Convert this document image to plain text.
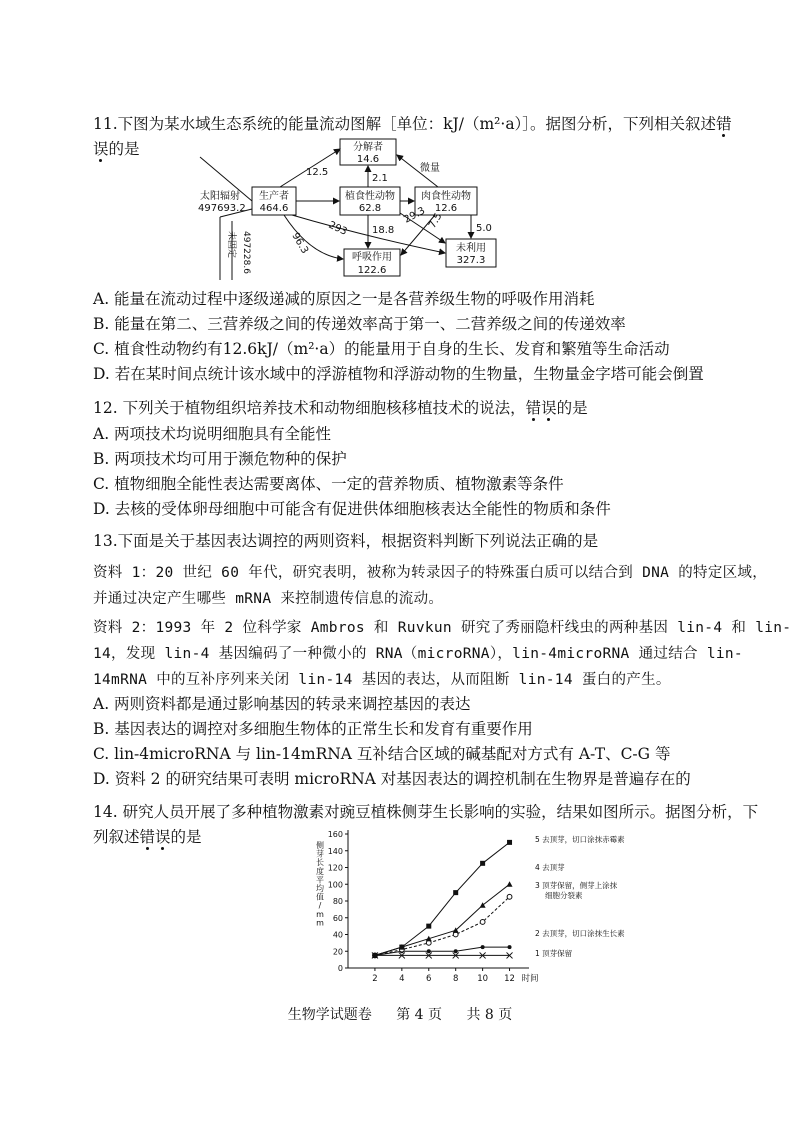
11.下图为某水域生态系统的能量流动图解［单位：kJ/（m²·a）］。据图分析，下列相关叙述错
误的是	分解者
14.6
生产者
464.6
植食性动物
62.8
肉食性动物
12.6
呼吸作用
122.6
未利用
327.3
太阳辐射
497693.2
未固定 497228.6
12.5
2.1
微量
18.8
96.3
293
29.3 7.5	5.0
A. 能量在流动过程中逐级递减的原因之一是各营养级生物的呼吸作用消耗
B. 能量在第二、三营养级之间的传递效率高于第一、二营养级之间的传递效率
C. 植食性动物约有12.6kJ/（m²·a）的能量用于自身的生长、发育和繁殖等生命活动
D. 若在某时间点统计该水域中的浮游植物和浮游动物的生物量，生物量金字塔可能会倒置
12. 下列关于植物组织培养技术和动物细胞核移植技术的说法，错误的是
A. 两项技术均说明细胞具有全能性
B. 两项技术均可用于濒危物种的保护
C. 植物细胞全能性表达需要离体、一定的营养物质、植物激素等条件
D. 去核的受体卵母细胞中可能含有促进供体细胞核表达全能性的物质和条件
13.下面是关于基因表达调控的两则资料，根据资料判断下列说法正确的是
资料 1：20 世纪 60 年代，研究表明，被称为转录因子的特殊蛋白质可以结合到 DNA 的特定区域，
并通过决定产生哪些 mRNA 来控制遗传信息的流动。
资料 2：1993 年 2 位科学家 Ambros 和 Ruvkun 研究了秀丽隐杆线虫的两种基因 lin-4 和 lin-
14，发现 lin-4 基因编码了一种微小的 RNA（microRNA），lin-4microRNA 通过结合 lin-
14mRNA 中的互补序列来关闭 lin-14 基因的表达，从而阻断 lin-14 蛋白的产生。
A. 两则资料都是通过影响基因的转录来调控基因的表达
B. 基因表达的调控对多细胞生物体的正常生长和发育有重要作用
C. lin-4microRNA 与 lin-14mRNA 互补结合区域的碱基配对方式有 A-T、C-G 等
D. 资料 2 的研究结果可表明 microRNA 对基因表达的调控机制在生物界是普遍存在的
14. 研究人员开展了多种植物激素对豌豆植株侧芽生长影响的实验，结果如图所示。据图分析，下
列叙述错误的是
0
20
40
60
80
100
120
140
160
2	4	6	8 10 12 时间
侧
芽
长
度
平
均
值
/
m
m
5 去顶芽，切口涂抹赤霉素
4 去顶芽
3 顶芽保留，侧芽上涂抹
细胞分裂素
2 去顶芽，切口涂抹生长素
1 顶芽保留
生物学试题卷 第 4 页 共 8 页
